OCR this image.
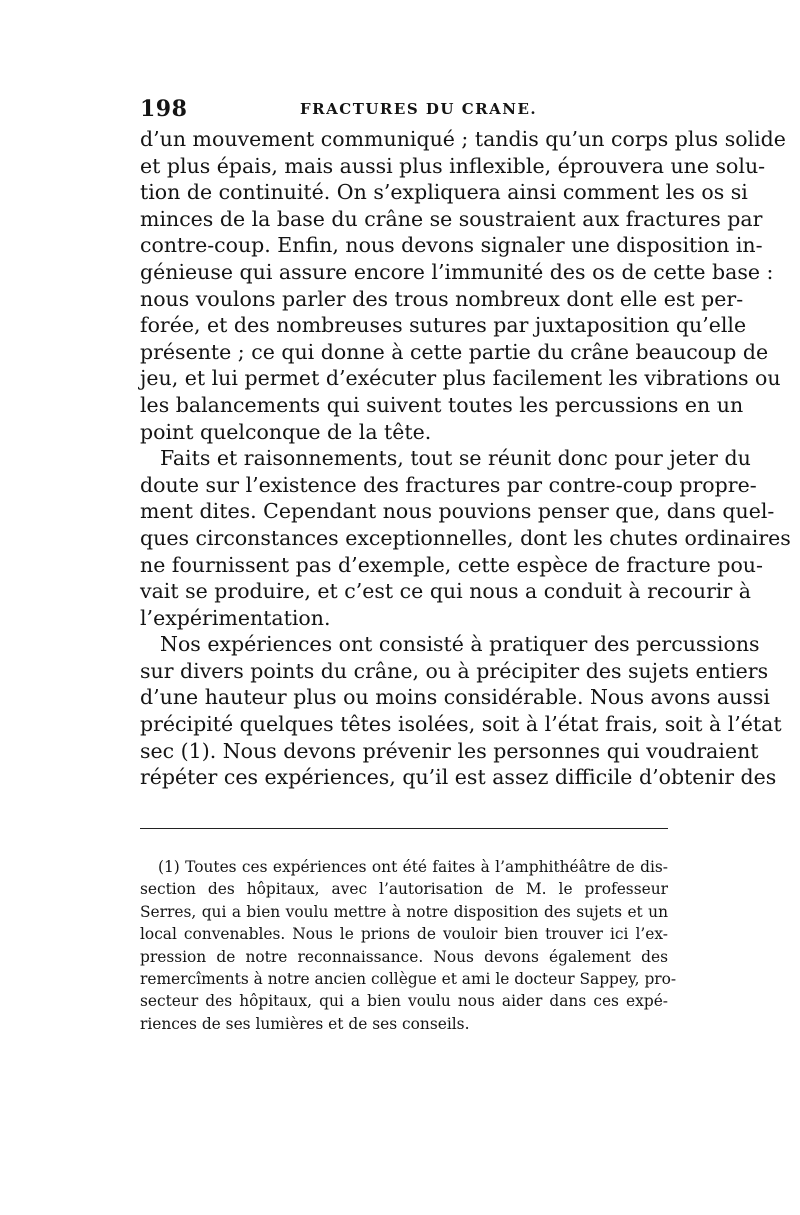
198	FRACTURES DU CRANE.
d’un mouvement communiqué ; tandis qu’un corps plus solide
et plus épais, mais aussi plus inflexible, éprouvera une solu-
tion de continuité. On s’expliquera ainsi comment les os si
minces de la base du crâne se soustraient aux fractures par
contre-coup. Enfin, nous devons signaler une disposition in-
génieuse qui assure encore l’immunité des os de cette base :
nous voulons parler des trous nombreux dont elle est per-
forée, et des nombreuses sutures par juxtaposition qu’elle
présente ; ce qui donne à cette partie du crâne beaucoup de
jeu, et lui permet d’exécuter plus facilement les vibrations ou
les balancements qui suivent toutes les percussions en un
point quelconque de la tête.
Faits et raisonnements, tout se réunit donc pour jeter du
doute sur l’existence des fractures par contre-coup propre-
ment dites. Cependant nous pouvions penser que, dans quel-
ques circonstances exceptionnelles, dont les chutes ordinaires
ne fournissent pas d’exemple, cette espèce de fracture pou-
vait se produire, et c’est ce qui nous a conduit à recourir à
l’expérimentation.
Nos expériences ont consisté à pratiquer des percussions
sur divers points du crâne, ou à précipiter des sujets entiers
d’une hauteur plus ou moins considérable. Nous avons aussi
précipité quelques têtes isolées, soit à l’état frais, soit à l’état
sec (1). Nous devons prévenir les personnes qui voudraient
répéter ces expériences, qu’il est assez difficile d’obtenir des
(1) Toutes ces expériences ont été faites à l’amphithéâtre de dis-
section des hôpitaux, avec l’autorisation de M. le professeur
Serres, qui a bien voulu mettre à notre disposition des sujets et un
local convenables. Nous le prions de vouloir bien trouver ici l’ex-
pression de notre reconnaissance. Nous devons également des
remercîments à notre ancien collègue et ami le docteur Sappey, pro-
secteur des hôpitaux, qui a bien voulu nous aider dans ces expé-
riences de ses lumières et de ses conseils.
